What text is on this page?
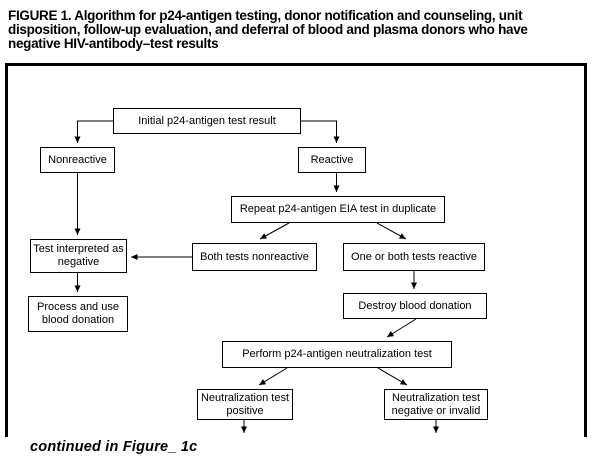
FIGURE 1. Algorithm for p24-antigen testing, donor notification and counseling, unit
disposition, follow-up evaluation, and deferral of blood and plasma donors who have
negative HIV-antibody–test results
Initial p24-antigen test result
Nonreactive	Reactive
Repeat p24-antigen EIA test in duplicate
Both tests nonreactive	One or both tests reactive
Test interpreted as negative
Process and use blood donation
Destroy blood donation
Perform p24-antigen neutralization test
Neutralization test positive
Neutralization test negative or invalid
continued in Figure_ 1c
